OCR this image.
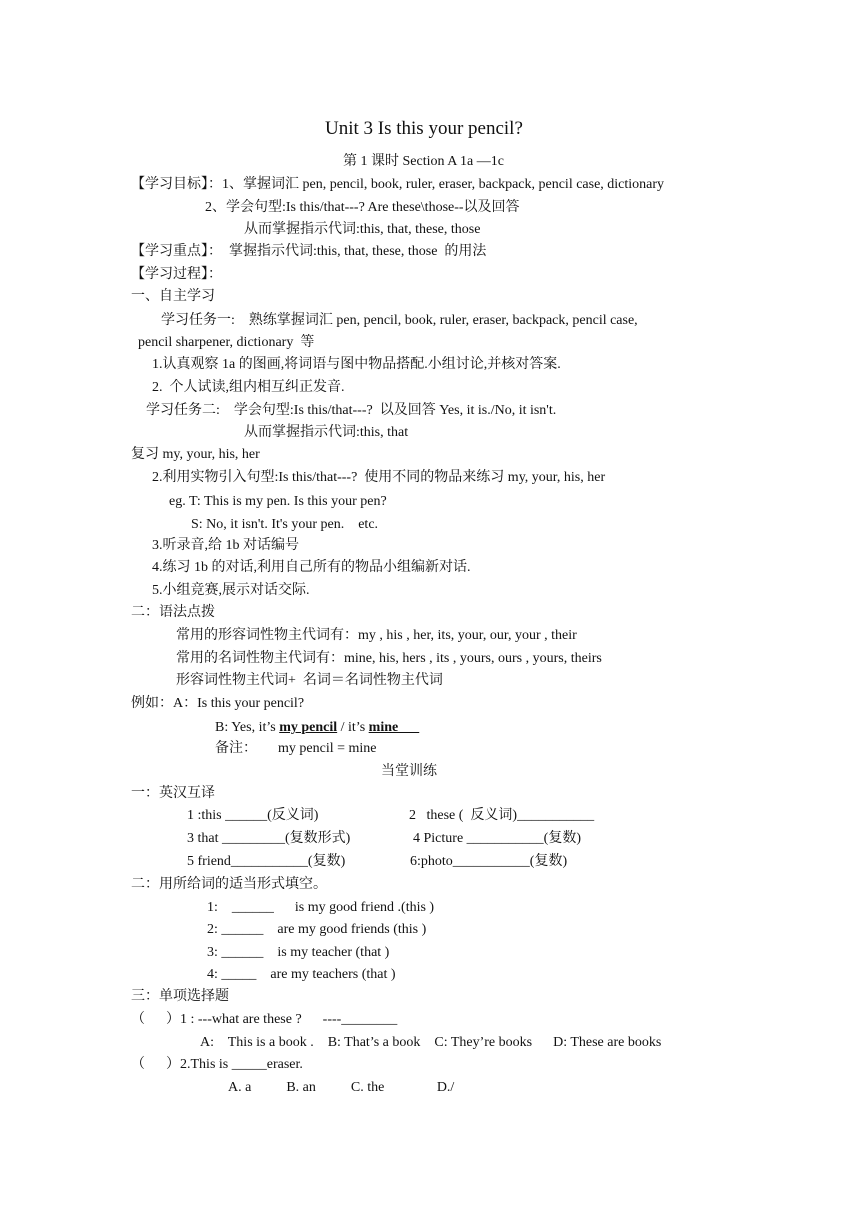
Unit 3 Is this your pencil?
第 1 课时 Section A 1a —1c
【学习目标】：1、掌握词汇 pen, pencil, book, ruler, eraser, backpack, pencil case, dictionary
2、学会句型:Is this/that---? Are these\those--以及回答
从而掌握指示代词:this, that, these, those
【学习重点】：  掌握指示代词:this, that, these, those  的用法
【学习过程】：
一、自主学习
学习任务一:    熟练掌握词汇 pen, pencil, book, ruler, eraser, backpack, pencil case,
pencil sharpener, dictionary  等
1.认真观察 1a 的图画,将词语与图中物品搭配.小组讨论,并核对答案.
2.  个人试读,组内相互纠正发音.
学习任务二:    学会句型:Is this/that---?  以及回答 Yes, it is./No, it isn't.
从而掌握指示代词:this, that
复习 my, your, his, her
2.利用实物引入句型:Is this/that---?  使用不同的物品来练习 my, your, his, her
eg. T: This is my pen. Is this your pen?
S: No, it isn't. It's your pen.    etc.
3.听录音,给 1b 对话编号
4.练习 1b 的对话,利用自己所有的物品小组编新对话.
5.小组竞赛,展示对话交际.
二：语法点拨
常用的形容词性物主代词有：my , his , her, its, your, our, your , their
常用的名词性物主代词有：mine, his, hers , its , yours, ours , yours, theirs
形容词性物主代词+  名词＝名词性物主代词
例如：A：Is this your pencil?
B: Yes, it’s my pencil / it’s mine
备注：      my pencil = mine
当堂训练
一：英汉互译
1 :this ______(反义词)	2   these (  反义词)___________
3 that _________(复数形式)	4 Picture ___________(复数)
5 friend___________(复数)	6:photo___________(复数)
二：用所给词的适当形式填空。
1:    ______      is my good friend .(this )
2: ______    are my good friends (this )
3: ______    is my teacher (that )
4: _____    are my teachers (that )
三：单项选择题
（      ）1 : ---what are these ?      ----________
A:    This is a book .    B: That’s a book    C: They’re books      D: These are books
（      ）2.This is _____eraser.
A. a          B. an          C. the               D./
